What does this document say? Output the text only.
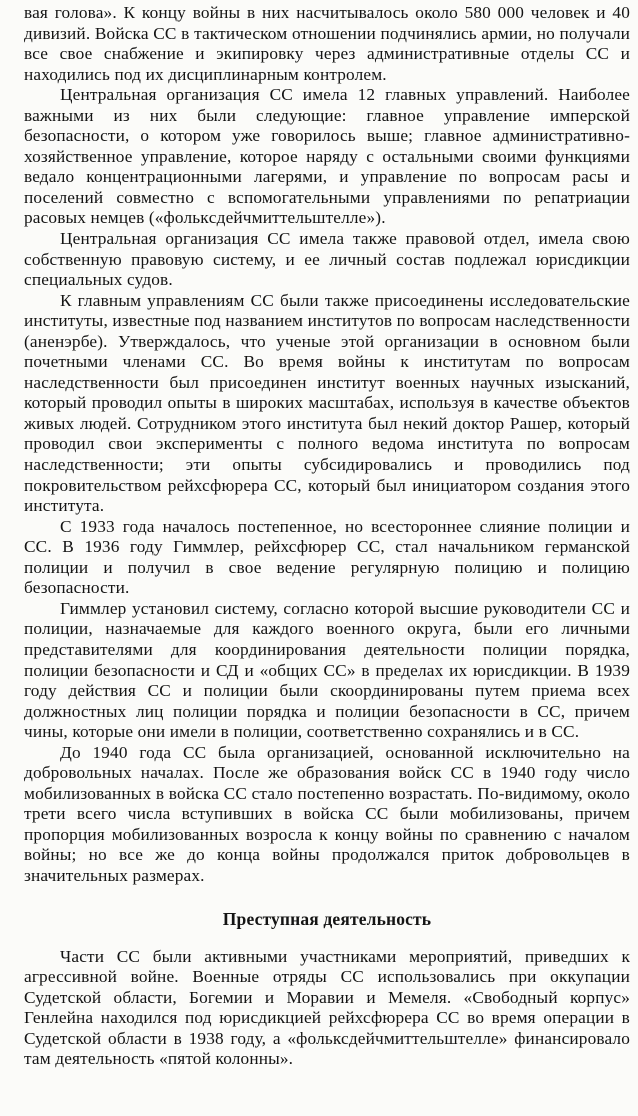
вая голова». К концу войны в них насчитывалось около 580 000 человек и 40 дивизий. Войска СС в тактическом отношении подчинялись армии, но получали все свое снабжение и экипировку через административные отделы СС и находились под их дисциплинарным контролем.

Центральная организация СС имела 12 главных управлений. Наиболее важными из них были следующие: главное управление имперской безопасности, о котором уже говорилось выше; главное административно-хозяйственное управление, которое наряду с остальными своими функциями ведало концентрационными лагерями, и управление по вопросам расы и поселений совместно с вспомогательными управлениями по репатриации расовых немцев («фолькcдейчмиттельштелле»).

Центральная организация СС имела также правовой отдел, имела свою собственную правовую систему, и ее личный состав подлежал юрисдикции специальных судов.

К главным управлениям СС были также присоединены исследовательские институты, известные под названием институтов по вопросам наследственности (аненэрбе). Утверждалось, что ученые этой организации в основном были почетными членами СС. Во время войны к институтам по вопросам наследственности был присоединен институт военных научных изысканий, который проводил опыты в широких масштабах, используя в качестве объектов живых людей. Сотрудником этого института был некий доктор Рашер, который проводил свои эксперименты с полного ведома института по вопросам наследственности; эти опыты субсидировались и проводились под покровительством рейхсфюрера СС, который был инициатором создания этого института.

С 1933 года началось постепенное, но всестороннее слияние полиции и СС. В 1936 году Гиммлер, рейхсфюрер СС, стал начальником германской полиции и получил в свое ведение регулярную полицию и полицию безопасности.

Гиммлер установил систему, согласно которой высшие руководители СС и полиции, назначаемые для каждого военного округа, были его личными представителями для координирования деятельности полиции порядка, полиции безопасности и СД и «общих СС» в пределах их юрисдикции. В 1939 году действия СС и полиции были скоординированы путем приема всех должностных лиц полиции порядка и полиции безопасности в СС, причем чины, которые они имели в полиции, соответственно сохранялись и в СС.

До 1940 года СС была организацией, основанной исключительно на добровольных началах. После же образования войск СС в 1940 году число мобилизованных в войска СС стало постепенно возрастать. По-видимому, около трети всего числа вступивших в войска СС были мобилизованы, причем пропорция мобилизованных возросла к концу войны по сравнению с началом войны; но все же до конца войны продолжался приток добровольцев в значительных размерах.

Преступная деятельность

Части СС были активными участниками мероприятий, приведших к агрессивной войне. Военные отряды СС использовались при оккупации Судетской области, Богемии и Моравии и Мемеля. «Свободный корпус» Генлейна находился под юрисдикцией рейхсфюрера СС во время операции в Судетской области в 1938 году, а «фольксдейчмиттельштелле» финансировало там деятельность «пятой колонны».
